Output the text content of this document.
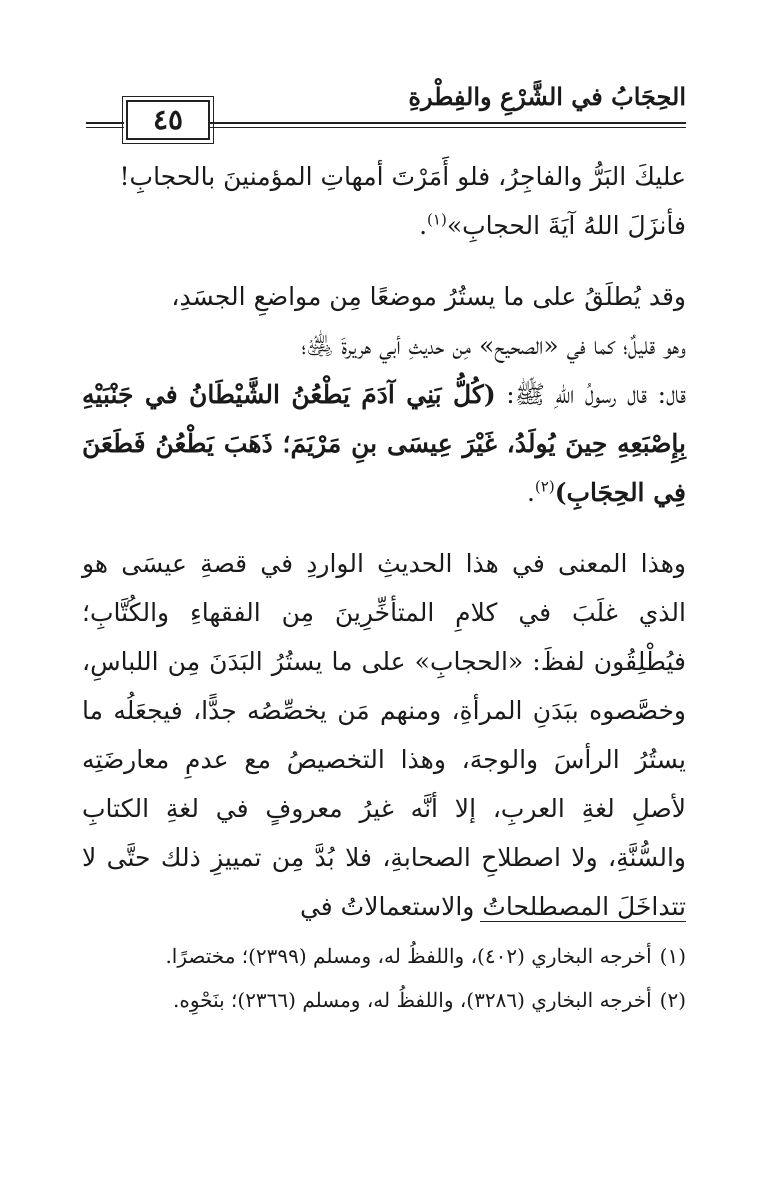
الحِجَابُ في الشَّرْعِ والفِطْرةِ
٤٥

عليكَ البَرُّ والفاجِرُ، فلو أَمَرْتَ أمهاتِ المؤمنينَ بالحجابِ!

فأنزَلَ اللهُ آيَةَ الحجابِ»$^{(١)}$.

وقد يُطلَقُ على ما يستُرُ موضعًا مِن مواضعِ الجسَدِ،

وهو قليلٌ؛ كما في «الصحيح» مِن حديثِ أبي هريرةَ ﵁؛

قال: قال رسولُ اللهِ ﷺ: (كُلُّ بَنِي آدَمَ يَطْعُنُ الشَّيْطَانُ في جَنْبَيْهِ بِإِصْبَعِهِ حِينَ يُولَدُ، غَيْرَ عِيسَى بنِ مَرْيَمَ؛ ذَهَبَ يَطْعُنُ فَطَعَنَ فِي الحِجَابِ)$^{(٢)}$.

وهذا المعنى في هذا الحديثِ الواردِ في قصةِ عيسَى هو الذي غلَبَ في كلامِ المتأخِّرِينَ مِن الفقهاءِ والكُتَّابِ؛ فيُطْلِقُون لفظَ: «الحجابِ» على ما يستُرُ البَدَنَ مِن اللباسِ، وخصَّصوه ببَدَنِ المرأةِ، ومنهم مَن يخصِّصُه جدًّا، فيجعَلُه ما يستُرُ الرأسَ والوجهَ، وهذا التخصيصُ مع عدمِ معارضَتِه لأصلِ لغةِ العربِ، إلا أنَّه غيرُ معروفٍ في لغةِ الكتابِ والسُّنَّةِ، ولا اصطلاحِ الصحابةِ، فلا بُدَّ مِن تمييزِ ذلك حتَّى لا تتداخَلَ المصطلحاتُ والاستعمالاتُ في

(١)أخرجه البخاري (٤٠٢)، واللفظُ له، ومسلم (٢٣٩٩)؛ مختصرًا.

(٢)أخرجه البخاري (٣٢٨٦)، واللفظُ له، ومسلم (٢٣٦٦)؛ بنَحْوِه.
